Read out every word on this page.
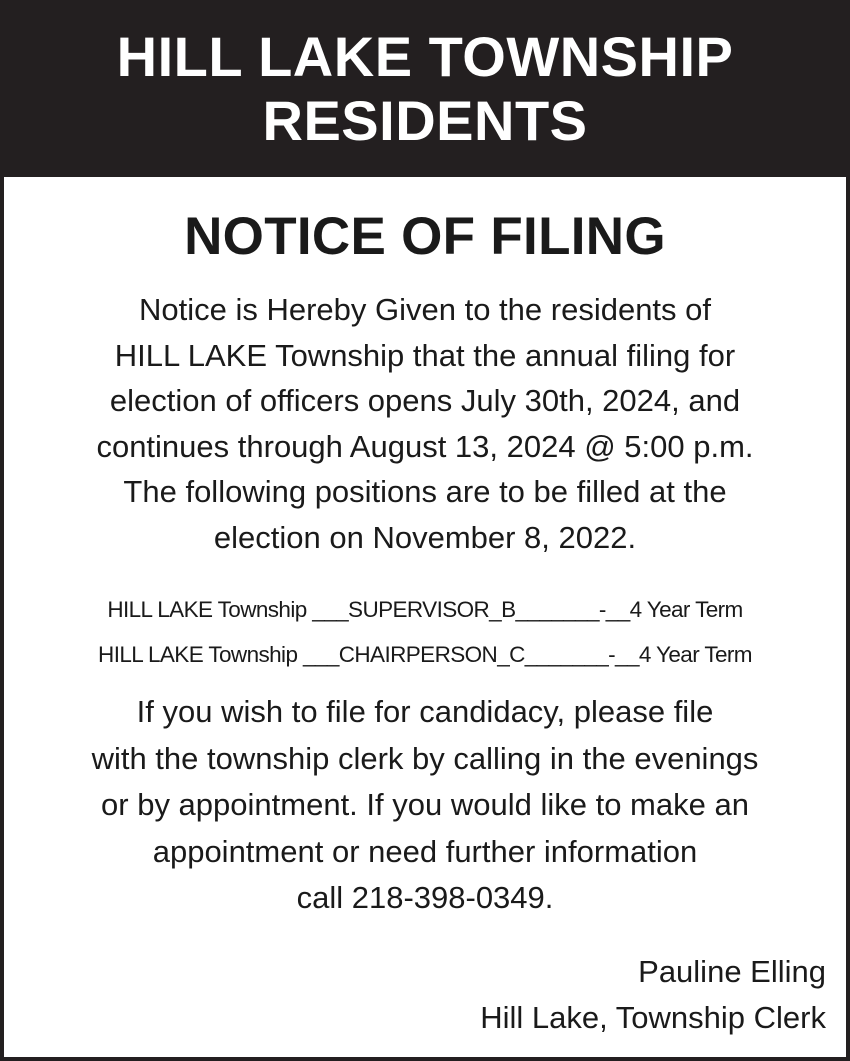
HILL LAKE TOWNSHIP
RESIDENTS
NOTICE OF FILING
Notice is Hereby Given to the residents of
HILL LAKE Township that the annual filing for
election of officers opens July 30th, 2024, and
continues through August 13, 2024 @ 5:00 p.m.
The following positions are to be filled at the
election on November 8, 2022.
HILL LAKE Township ___SUPERVISOR_B_______-__4 Year Term
HILL LAKE Township ___CHAIRPERSON_C_______-__4 Year Term
If you wish to file for candidacy, please file
with the township clerk by calling in the evenings
or by appointment. If you would like to make an
appointment or need further information
call 218-398-0349.
Pauline Elling
Hill Lake, Township Clerk
